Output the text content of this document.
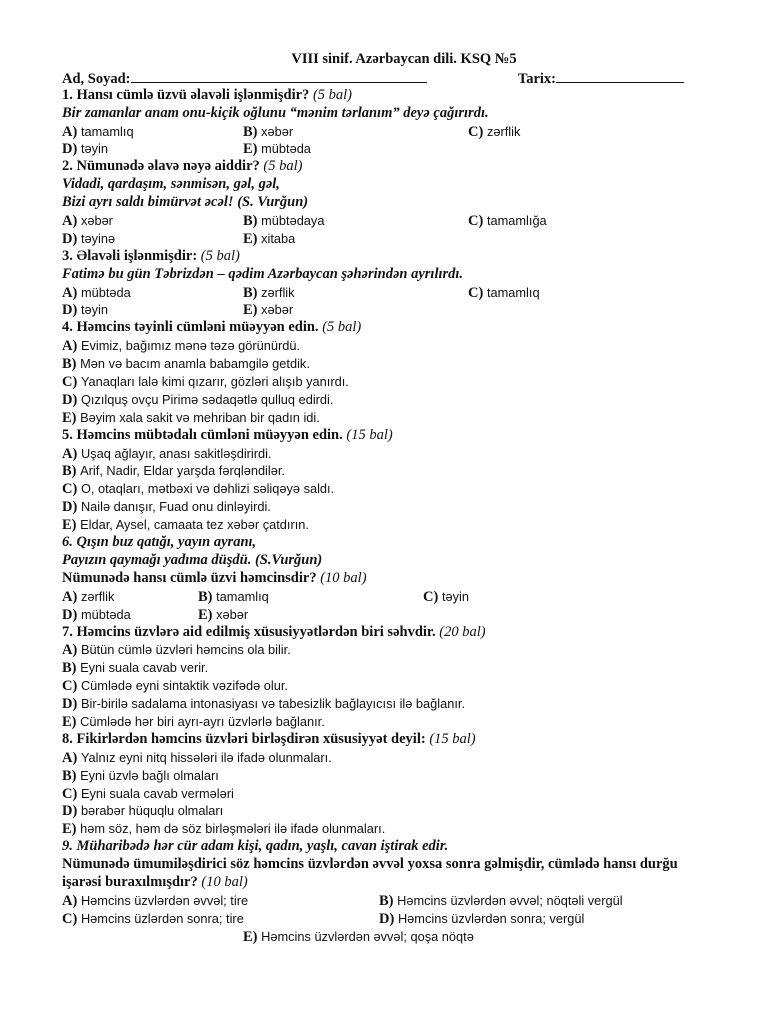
VIII sinif. Azərbaycan dili. KSQ №5
Ad, Soyad:	Tarix:
1.
Hansı cümlə üzvü əlavəli işlənmişdir?
(5 bal)
Bir zamanlar anam onu-kiçik oğlunu “mənim tərlanım” deyə çağırırdı.
A) tamamlıq	B) xəbər	C) zərflik
D) təyin	E) mübtəda
2.
Nümunədə əlavə nəyə aiddir?
(5 bal)
Vidadi, qardaşım, sənmisən, gəl, gəl,
Bizi ayrı saldı bimürvət əcəl! (S. Vurğun)
A) xəbər	B) mübtədaya	C) tamamlığa
D) təyinə	E) xitaba
3.
Əlavəli işlənmişdir:
(5 bal)
Fatimə bu gün Təbrizdən – qədim Azərbaycan şəhərindən ayrılırdı.
A) mübtəda	B) zərflik	C) tamamlıq
D) təyin	E) xəbər
4.
Həmcins təyinli cümləni müəyyən edin.
(5 bal)
A)
Evimiz, bağımız mənə təzə görünürdü.
B)
Mən və bacım anamla babamgilə getdik.
C)
Yanaqları lalə kimi qızarır, gözləri alışıb yanırdı.
D)
Qızılquş ovçu Pirimə sədaqətlə qulluq edirdi.
E)
Bəyim xala sakit və mehriban bir qadın idi.
5.
Həmcins mübtədalı cümləni müəyyən edin.
(15 bal)
A)
Uşaq ağlayır, anası sakitləşdirirdi.
B)
Arif, Nadir, Eldar yarşda fərqləndilər.
C)
O, otaqları, mətbəxi və dəhlizi səliqəyə saldı.
D)
Nailə danışır, Fuad onu dinləyirdi.
E)
Eldar, Aysel, camaata tez xəbər çatdırın.
6.
Qışın buz qatığı, yayın ayranı,
Payızın qaymağı yadıma düşdü. (S.Vurğun)
Nümunədə hansı cümlə üzvi həmcinsdir?
(10 bal)
A) zərflik	B) tamamlıq	C) təyin
D) mübtəda	E) xəbər
7.
Həmcins üzvlərə aid edilmiş xüsusiyyətlərdən biri səhvdir.
(20 bal)
A)
Bütün cümlə üzvləri həmcins ola bilir.
B)
Eyni suala cavab verir.
C)
Cümlədə eyni sintaktik vəzifədə olur.
D)
Bir-birilə sadalama intonasiyası və tabesizlik bağlayıcısı ilə bağlanır.
E)
Cümlədə hər biri ayrı-ayrı üzvlərlə bağlanır.
8.
Fikirlərdən həmcins üzvləri birləşdirən xüsusiyyət deyil:
(15 bal)
A)
Yalnız eyni nitq hissələri ilə ifadə olunmaları.
B)
Eyni üzvlə bağlı olmaları
C)
Eyni suala cavab vermələri
D)
bərabər hüquqlu olmaları
E)
həm söz, həm də söz birləşmələri ilə ifadə olunmaları.
9.
Müharibədə hər cür adam kişi, qadın, yaşlı, cavan iştirak edir.
Nümunədə ümumiləşdirici söz həmcins üzvlərdən əvvəl yoxsa sonra gəlmişdir, cümlədə hansı durğu
işarəsi buraxılmışdır?
(10 bal)
A) Həmcins üzvlərdən əvvəl; tire	B) Həmcins üzvlərdən əvvəl; nöqtəli vergül
C) Həmcins üzlərdən sonra; tire	D) Həmcins üzvlərdən sonra; vergül
E)
Həmcins üzvlərdən əvvəl; qoşa nöqtə
